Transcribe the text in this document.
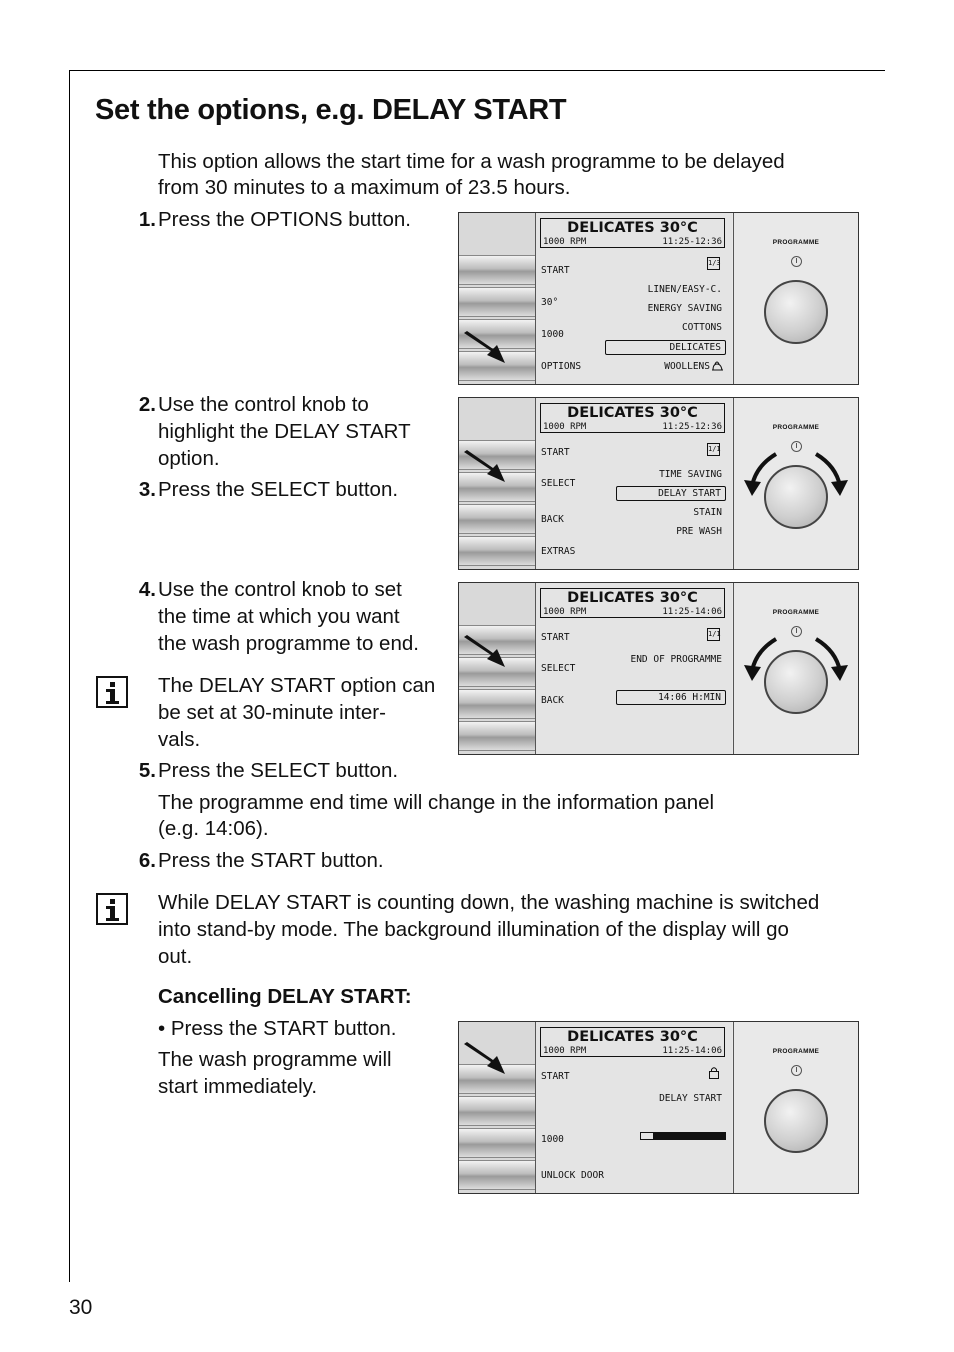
Set the options, e.g. DELAY START

This option allows the start time for a wash programme to be delayed

from 30 minutes to a maximum of 23.5 hours.

1. Press the OPTIONS button.

2. Use the control knob to

highlight the DELAY START

option.

3. Press the SELECT button.

4. Use the control knob to set

the time at which you want

the wash programme to end.

The DELAY START option can

be set at 30-minute inter-

vals.

5. Press the SELECT button.

The programme end time will change in the information panel

(e.g. 14:06).

6. Press the START button.

While DELAY START is counting down, the washing machine is switched

into stand-by mode. The background illumination of the display will go

out.

Cancelling DELAY START:

• Press the START button.

The wash programme will

start immediately.

30
DELICATES 30°C
1000 RPM	11:25-12:36
1/3
START
30°
1000
OPTIONS
LINEN/EASY-C.
ENERGY SAVING
COTTONS
DELICATES
WOOLLENS
PROGRAMME
DELICATES 30°C
1000 RPM	11:25-12:36
1/1
START
SELECT
BACK
EXTRAS
TIME SAVING
DELAY START
STAIN
PRE WASH
PROGRAMME
DELICATES 30°C
1000 RPM	11:25-14:06
1/1
START
SELECT
BACK
END OF PROGRAMME
14:06 H:MIN
PROGRAMME
DELICATES 30°C
1000 RPM	11:25-14:06
START
1000
UNLOCK DOOR
DELAY START
PROGRAMME
